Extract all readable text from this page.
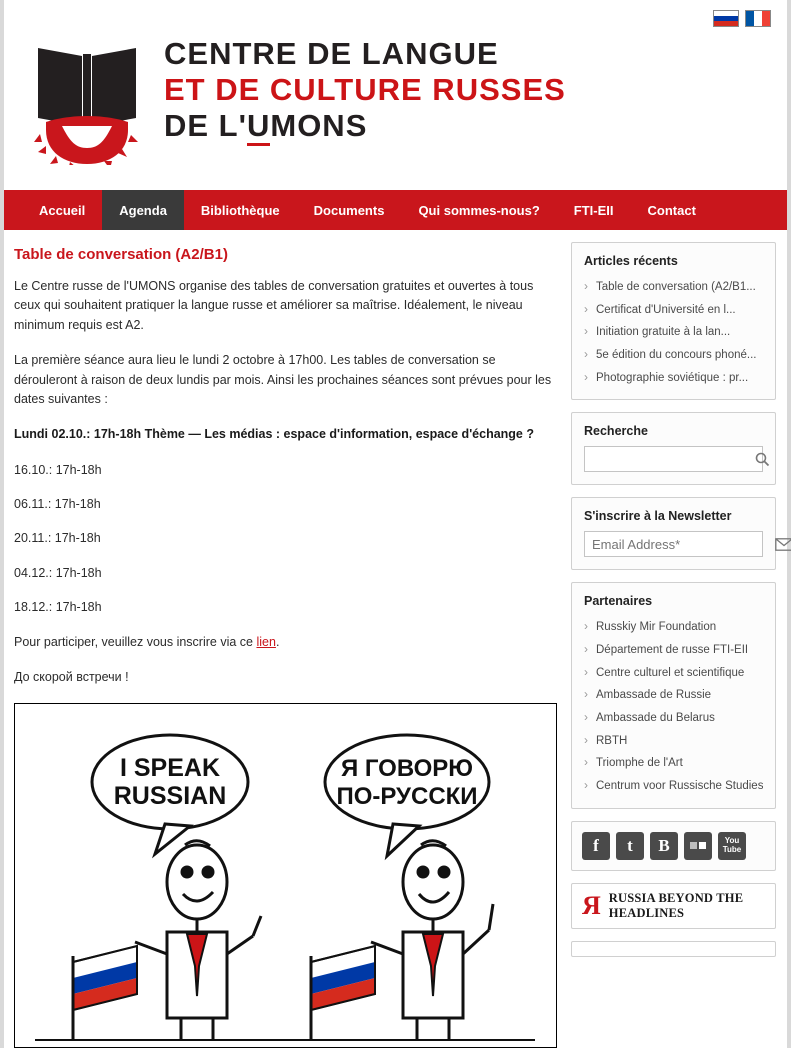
CENTRE DE LANGUE
ET DE CULTURE RUSSES
DE L'UMONS
Accueil	Agenda	Bibliothèque	Documents	Qui sommes-nous?	FTI-EII	Contact
Table de conversation (A2/B1)

Le Centre russe de l'UMONS organise des tables de conversation gratuites et ouvertes à tous ceux qui souhaitent pratiquer la langue russe et améliorer sa maîtrise. Idéalement, le niveau minimum requis est A2.

La première séance aura lieu le lundi 2 octobre à 17h00. Les tables de conversation se dérouleront à raison de deux lundis par mois. Ainsi les prochaines séances sont prévues pour les dates suivantes :

Lundi 02.10.: 17h-18h Thème — Les médias : espace d'information, espace d'échange ?

16.10.: 17h-18h

06.11.: 17h-18h

20.11.: 17h-18h

04.12.: 17h-18h

18.12.: 17h-18h

Pour participer, veuillez vous inscrire via ce lien.

До скорой встречи !

I SPEAK
RUSSIAN
Я ГОВОРЮ
ПО-РУССКИ
Articles récents
› Table de conversation (A2/B1...
› Certificat d'Université en l...
› Initiation gratuite à la lan...
› 5e édition du concours phoné...
› Photographie soviétique : pr...
Recherche
S'inscrire à la Newsletter
Email Address*
Partenaires
› Russkiy Mir Foundation
› Département de russe FTI-EII
› Centre culturel et scientifique
› Ambassade de Russie
› Ambassade du Belarus
› RBTH
› Triomphe de l'Art
› Centrum voor Russische Studies
f	t	B	You
Tube
Я RUSSIA BEYOND THE HEADLINES
